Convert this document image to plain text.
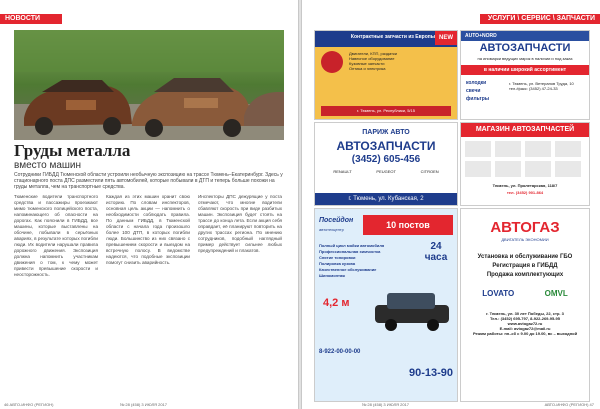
НОВОСТИ
Груды металла
вместо машин
Сотрудники ГИБДД Тюменской области устроили необычную экспозицию на трассе Тюмень–Екатеринбург. Здесь у стационарного поста ДПС разместили пять автомобилей, которые побывали в ДТП и теперь больше похожи на груды металла, чем на транспортные средства.
Тюменские водители транспортного средства и пассажиры проезжают мимо тюменского полицейского поста, напоминающего об опасности на дорогах. Как пояснили в ГИБДД, все машины, которые выставлены на обочине, побывали в серьёзных авариях, в результате которых погибли люди. Их водители нарушали правила дорожного движения. Экспозиция должна напомнить участникам движения о том, к чему может привести превышение скорости и неосторожность.
Каждая из этих машин хранит свою историю. По словам инспекторов, основная цель акции — напомнить о необходимости соблюдать правила. По данным ГИБДД, в Тюменской области с начала года произошло более 100 ДТП, в которых погибли люди. Большинство из них связано с превышением скорости и выездом на встречную полосу. В ведомстве надеются, что подобные экспозиции помогут снизить аварийность.
Инспекторы ДПС дежурящие у поста отмечают, что многие водители сбавляют скорость при виде разбитых машин. Экспозиция будет стоять на трассе до конца лета. Если акция себя оправдает, её планируют повторить на других трассах региона. По мнению сотрудников, подобный наглядный пример действует сильнее любых предупреждений и плакатов.
46 АВТО-ИНФО (РЕГИОН)	№ 28 (458) 3 ИЮЛЯ 2017
УСЛУГИ \ СЕРВИС \ ЗАПЧАСТИ
Контрактные запчасти из Европы NEW
Двигатели, КПП, раздатки
Навесное оборудование
Кузовные запчасти
Оптика и электрика
г. Тюмень, ул. Республики, 5/15
AUTO+NORD
АВТОЗАПЧАСТИ
на иномарки ведущих марок в наличии и под заказ
в наличии широкий ассортимент
колодки
свечи
фильтры
г. Тюмень, ул. Ветеранов Труда, 10
тел./факс: (3452) 47-24-33
ПАРИЖ АВТО
АВТОЗАПЧАСТИ
(3452) 605-456
RENAULT	PEUGEOT	CITROEN
г. Тюмень, ул. Кубанская, 2
МАГАЗИН АВТОЗАПЧАСТЕЙ
Тюмень, ул. Пролетарская, 118/7
тел. (3452) 901-864
10 постов
Посейдон
автотехцентр
24 часа
Полный цикл мойки автомобиля
Профессиональная химчистка
Снятие тонировки
Полировка кузова
Качественное обслуживание
Шиномонтаж
4,2 м
8-922-00-00-00
90-13-90
АВТОГАЗ
ДВИГАТЕЛЬ ЭКОНОМИИ
Установка и обслуживание ГБО
Регистрация в ГИБДД
Продажа комплектующих
LOVATO	OMVL
г. Тюмень, ул. 30 лет Победы, 22, стр. 3
Тел.: (3452) 695-797, 8-922-269-95-95
www.avtogaz72.ru
E-mail: avtogaz72@mail.ru
Режим работы: пн–сб с 9.00 до 19.00, вс – выходной
№ 28 (458) 3 ИЮЛЯ 2017	АВТО-ИНФО (РЕГИОН) 47
